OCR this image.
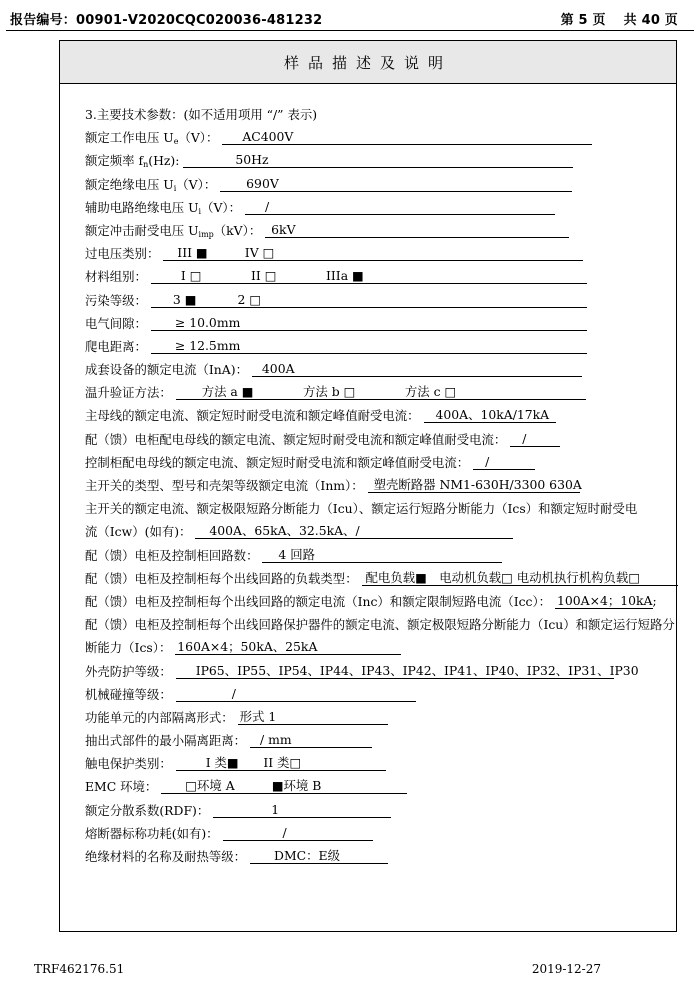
报告编号：00901-V2020CQC020036-481232	第 5 页　 共 40 页
样品描述及说明
3.主要技术参数：(如不适用项用 “/” 表示)
额定工作电压 $U_e(V)$： AC400V
额定频率 $f_n(Hz)$:	50Hz
额定绝缘电压 $U_i(V)$： 690V
辅助电路绝缘电压 $U_i(V)$： /
额定冲击耐受电压 $U_{imp}(kV)$： 6kV
过电压类别： III ■　　　IV □
材料组别：	I □　　　　II □　　　　IIIa ■
污染等级： 3 ■　　　 2 □
电气间隙： ≥ 10.0mm
爬电距离： ≥ 12.5mm
成套设备的额定电流（InA)： 400A
温升验证方法： 方法 a ■　　　　方法 b □　　　　方法 c □
主母线的额定电流、额定短时耐受电流和额定峰值耐受电流： 400A、10kA/17kA
配（馈）电柜配电母线的额定电流、额定短时耐受电流和额定峰值耐受电流： /
控制柜配电母线的额定电流、额定短时耐受电流和额定峰值耐受电流： /
主开关的类型、型号和壳架等级额定电流（Inm）： 塑壳断路器 NM1-630H/3300 630A
主开关的额定电流、额定极限短路分断能力（Icu）、额定运行短路分断能力（Ics）和额定短时耐受电
流（Icw）(如有)： 400A、65kA、32.5kA、/
配（馈）电柜及控制柜回路数： 4 回路
配（馈）电柜及控制柜每个出线回路的负载类型： 配电负载■　电动机负载□ 电动机执行机构负载□
配（馈）电柜及控制柜每个出线回路的额定电流（Inc）和额定限制短路电流（Icc）： 100A×4；10kA;
配（馈）电柜及控制柜每个出线回路保护器件的额定电流、额定极限短路分断能力（Icu）和额定运行短路分
断能力（Ics）： 160A×4；50kA、25kA
外壳防护等级： IP65、IP55、IP54、IP44、IP43、IP42、IP41、IP40、IP32、IP31、IP30
机械碰撞等级：	/
功能单元的内部隔离形式： 形式 1
抽出式部件的最小隔离距离： / mm
触电保护类别：	I 类■　　II 类□
EMC 环境： □环境 A　　　■环境 B
额定分散系数(RDF)：	1
熔断器标称功耗(如有)：	/
绝缘材料的名称及耐热等级： DMC：E级
TRF462176.51	2019-12-27
